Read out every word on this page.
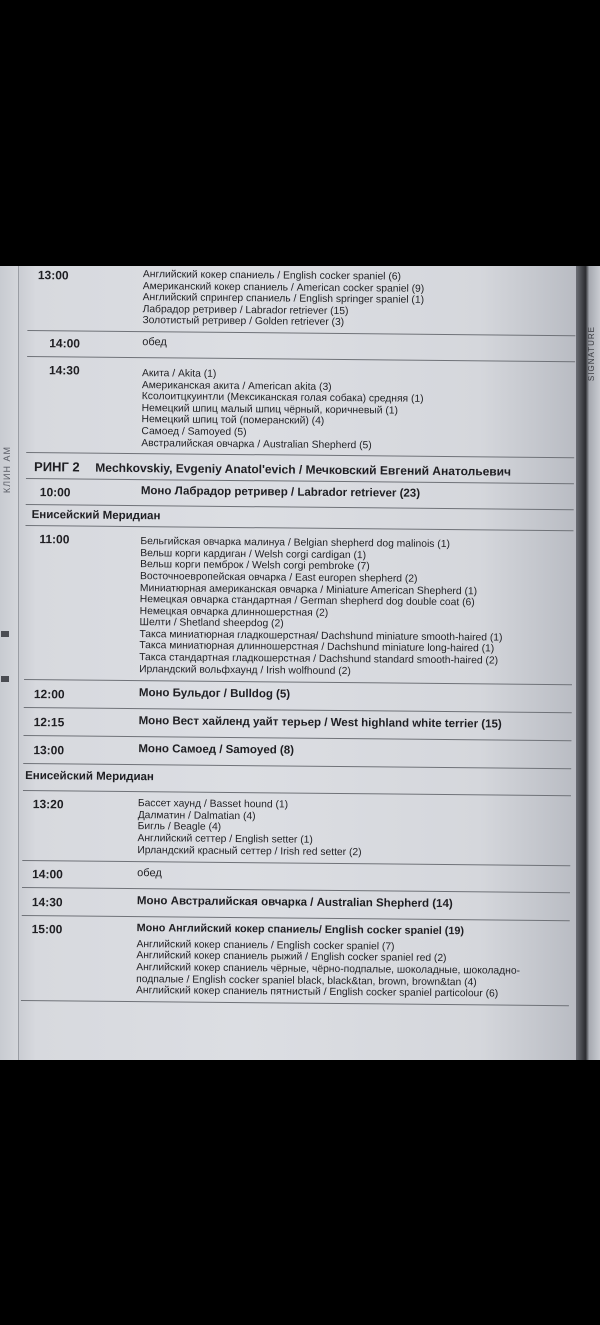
КЛИН АМ
SIGNATURE
13:00	Английский кокер спаниель / English cocker spaniel (6)
Американский кокер спаниель / American cocker spaniel (9)
Английский спрингер спаниель / English springer spaniel (1)
Лабрадор ретривер / Labrador retriever (15)
Золотистый ретривер / Golden retriever (3)
14:00	обед
14:30	Акита / Akita (1)
Американская акита / American akita (3)
Ксолоитцкуинтли (Мексиканская голая собака) средняя (1)
Немецкий шпиц малый шпиц чёрный, коричневый (1)
Немецкий шпиц той (померанский) (4)
Самоед / Samoyed (5)
Австралийская овчарка / Australian Shepherd (5)
РИНГ 2 Mechkovskiy, Evgeniy Anatol'evich / Мечковский Евгений Анатольевич
10:00	Моно Лабрадор ретривер / Labrador retriever (23)
Енисейский Меридиан
11:00	Бельгийская овчарка малинуа / Belgian shepherd dog malinois (1)
Вельш корги кардиган / Welsh corgi cardigan (1)
Вельш корги пемброк / Welsh corgi pembroke (7)
Восточноевропейская овчарка / East europen shepherd (2)
Миниатюрная американская овчарка / Miniature American Shepherd (1)
Немецкая овчарка стандартная / German shepherd dog double coat (6)
Немецкая овчарка длинношерстная (2)
Шелти / Shetland sheepdog (2)
Такса миниатюрная гладкошерстная/ Dachshund miniature smooth-haired (1)
Такса миниатюрная длинношерстная / Dachshund miniature long-haired (1)
Такса стандартная гладкошерстная / Dachshund standard smooth-haired (2)
Ирландский вольфхаунд / Irish wolfhound (2)
12:00	Моно Бульдог / Bulldog (5)
12:15	Моно Вест хайленд уайт терьер / West highland white terrier (15)
13:00	Моно Самоед / Samoyed (8)
Енисейский Меридиан
13:20	Бассет хаунд / Basset hound (1)
Далматин / Dalmatian (4)
Бигль / Beagle (4)
Английский сеттер / English setter (1)
Ирландский красный сеттер / Irish red setter (2)
14:00	обед
14:30	Моно Австралийская овчарка / Australian Shepherd (14)
15:00	Моно Английский кокер спаниель/ English cocker spaniel (19)
Английский кокер спаниель / English cocker spaniel (7)
Английский кокер спаниель рыжий / English cocker spaniel red (2)
Английский кокер спаниель чёрные, чёрно-подпалые, шоколадные, шоколадно-подпалые / English cocker spaniel black, black&tan, brown, brown&tan (4)
Английский кокер спаниель пятнистый / English cocker spaniel particolour (6)
